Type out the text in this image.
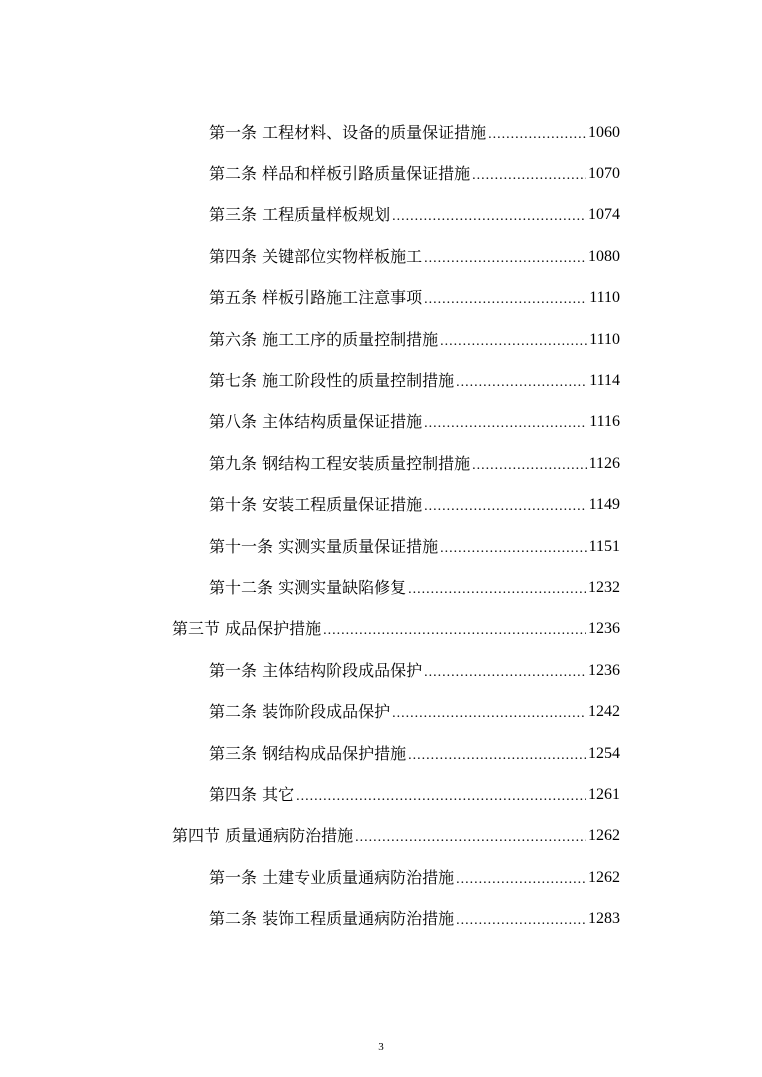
第一条 工程材料、设备的质量保证措施 .....	1060
第二条 样品和样板引路质量保证措施 .....	1070
第三条 工程质量样板规划 .....	1074
第四条 关键部位实物样板施工 .....	1080
第五条 样板引路施工注意事项 .....	1110
第六条 施工工序的质量控制措施 .....	1110
第七条 施工阶段性的质量控制措施 .....	1114
第八条 主体结构质量保证措施 .....	1116
第九条 钢结构工程安装质量控制措施 .....	1126
第十条 安装工程质量保证措施 .....	1149
第十一条 实测实量质量保证措施 .....	1151
第十二条 实测实量缺陷修复 .....	1232
第三节 成品保护措施 .....	1236
第一条 主体结构阶段成品保护 .....	1236
第二条 装饰阶段成品保护 .....	1242
第三条 钢结构成品保护措施 .....	1254
第四条 其它 .....	1261
第四节 质量通病防治措施 .....	1262
第一条 土建专业质量通病防治措施 .....	1262
第二条 装饰工程质量通病防治措施 .....	1283
3
